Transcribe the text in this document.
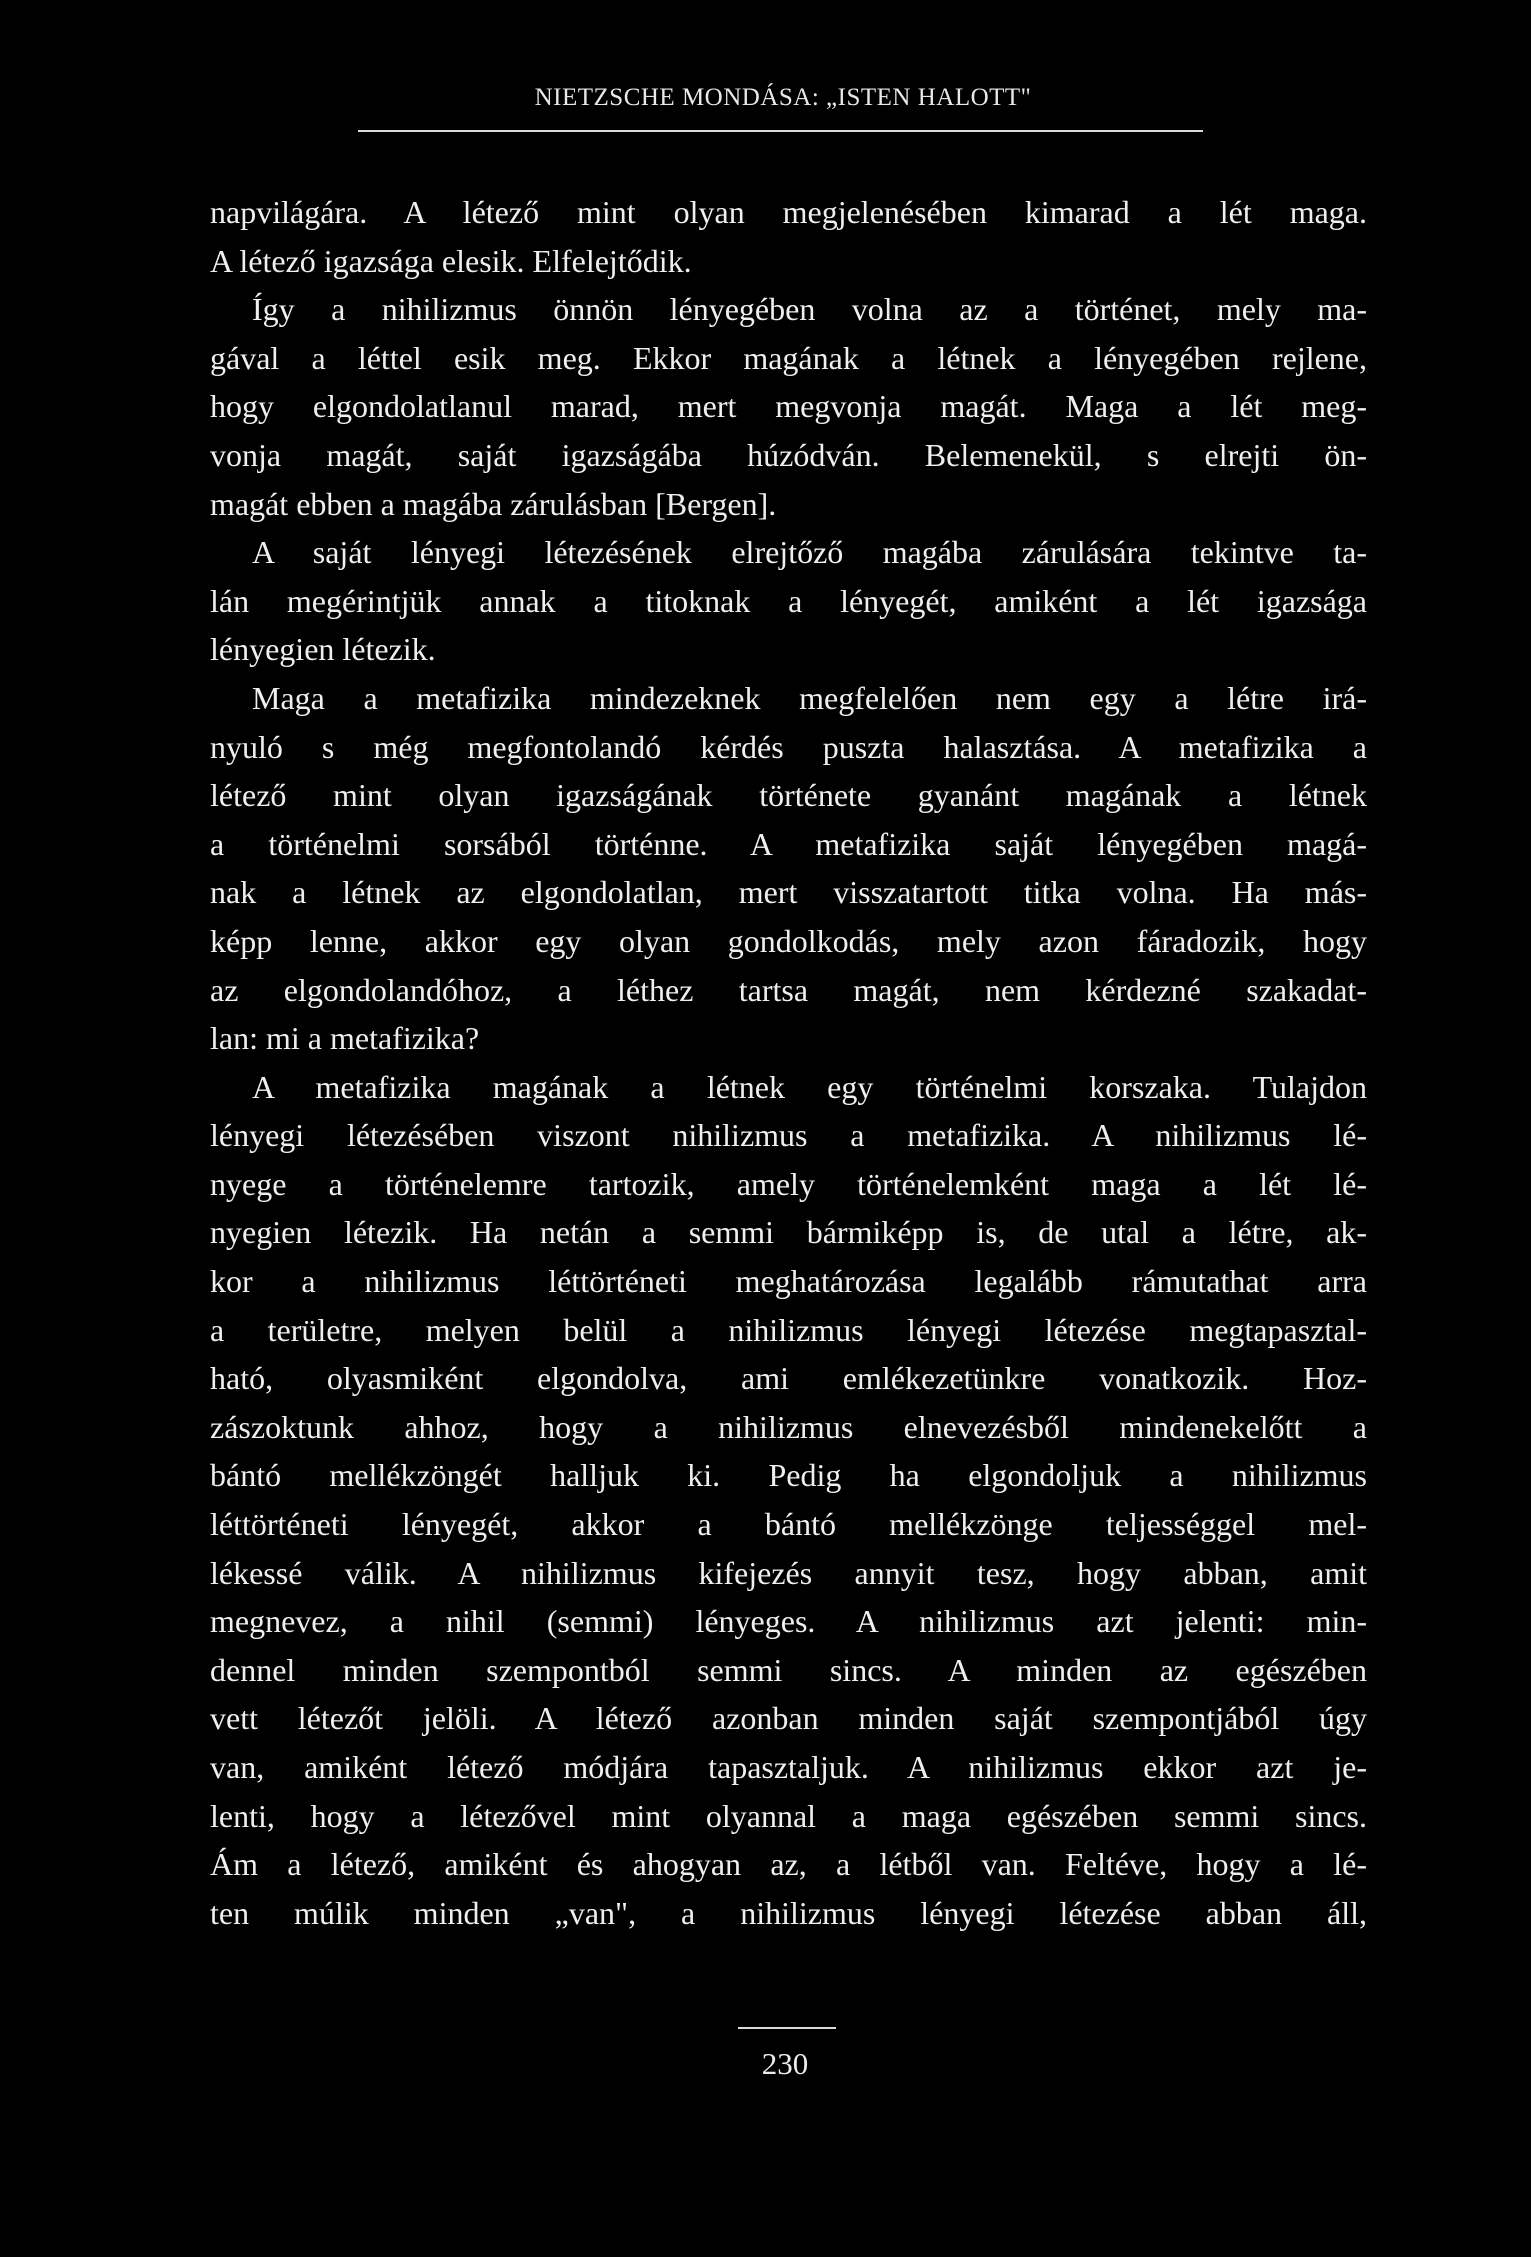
NIETZSCHE MONDÁSA: „ISTEN HALOTT"
napvilágára. A létező mint olyan megjelenésében kimarad a lét maga.
A létező igazsága elesik. Elfelejtődik.
Így a nihilizmus önnön lényegében volna az a történet, mely ma-
gával a léttel esik meg. Ekkor magának a létnek a lényegében rejlene,
hogy elgondolatlanul marad, mert megvonja magát. Maga a lét meg-
vonja magát, saját igazságába húzódván. Belemenekül, s elrejti ön-
magát ebben a magába zárulásban [Bergen].
A saját lényegi létezésének elrejtőző magába zárulására tekintve ta-
lán megérintjük annak a titoknak a lényegét, amiként a lét igazsága
lényegien létezik.
Maga a metafizika mindezeknek megfelelően nem egy a létre irá-
nyuló s még megfontolandó kérdés puszta halasztása. A metafizika a
létező mint olyan igazságának története gyanánt magának a létnek
a történelmi sorsából történne. A metafizika saját lényegében magá-
nak a létnek az elgondolatlan, mert visszatartott titka volna. Ha más-
képp lenne, akkor egy olyan gondolkodás, mely azon fáradozik, hogy
az elgondolandóhoz, a léthez tartsa magát, nem kérdezné szakadat-
lan: mi a metafizika?
A metafizika magának a létnek egy történelmi korszaka. Tulajdon
lényegi létezésében viszont nihilizmus a metafizika. A nihilizmus lé-
nyege a történelemre tartozik, amely történelemként maga a lét lé-
nyegien létezik. Ha netán a semmi bármiképp is, de utal a létre, ak-
kor a nihilizmus léttörténeti meghatározása legalább rámutathat arra
a területre, melyen belül a nihilizmus lényegi létezése megtapasztal-
ható, olyasmiként elgondolva, ami emlékezetünkre vonatkozik. Hoz-
zászoktunk ahhoz, hogy a nihilizmus elnevezésből mindenekelőtt a
bántó mellékzöngét halljuk ki. Pedig ha elgondoljuk a nihilizmus
léttörténeti lényegét, akkor a bántó mellékzönge teljességgel mel-
lékessé válik. A nihilizmus kifejezés annyit tesz, hogy abban, amit
megnevez, a nihil (semmi) lényeges. A nihilizmus azt jelenti: min-
dennel minden szempontból semmi sincs. A minden az egészében
vett létezőt jelöli. A létező azonban minden saját szempontjából úgy
van, amiként létező módjára tapasztaljuk. A nihilizmus ekkor azt je-
lenti, hogy a létezővel mint olyannal a maga egészében semmi sincs.
Ám a létező, amiként és ahogyan az, a létből van. Feltéve, hogy a lé-
ten múlik minden „van", a nihilizmus lényegi létezése abban áll,
230
